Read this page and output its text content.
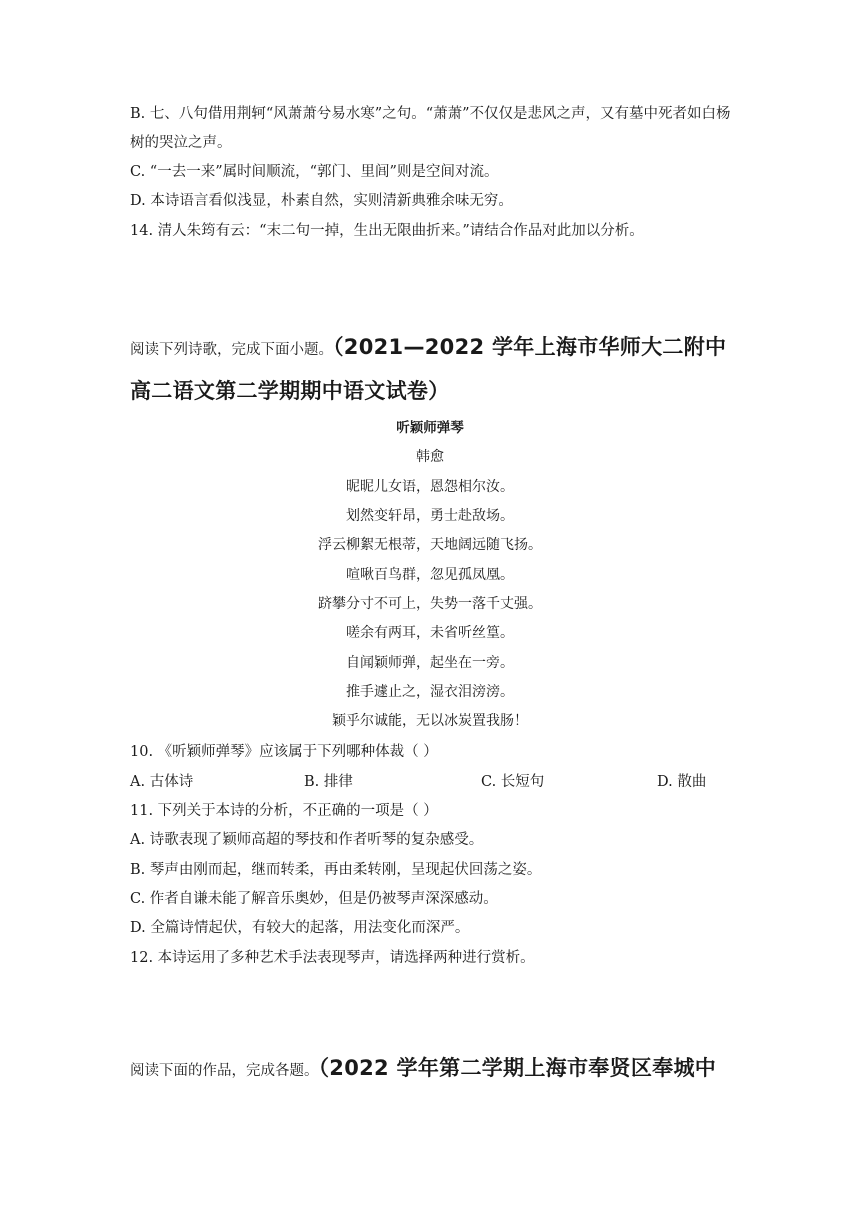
B. 七、八句借用荆轲“风萧萧兮易水寒”之句。“萧萧”不仅仅是悲风之声，又有墓中死者如白杨树的哭泣之声。
C. “一去一来”属时间顺流，“郭门、里闾”则是空间对流。
D. 本诗语言看似浅显，朴素自然，实则清新典雅余味无穷。
14. 清人朱筠有云：“末二句一掉，生出无限曲折来。”请结合作品对此加以分析。
阅读下列诗歌，完成下面小题。（2021—2022 学年上海市华师大二附中
高二语文第二学期期中语文试卷）
听颖师弹琴
韩愈
昵昵儿女语，恩怨相尔汝。
划然变轩昂，勇士赴敌场。
浮云柳絮无根蒂，天地阔远随飞扬。
喧啾百鸟群，忽见孤凤凰。
跻攀分寸不可上，失势一落千丈强。
嗟余有两耳，未省听丝篁。
自闻颖师弹，起坐在一旁。
推手遽止之，湿衣泪滂滂。
颖乎尔诚能，无以冰炭置我肠！
10. 《听颖师弹琴》应该属于下列哪种体裁（ ）
A. 古体诗	B. 排律	C. 长短句	D. 散曲
11. 下列关于本诗的分析，不正确的一项是（ ）
A. 诗歌表现了颖师高超的琴技和作者听琴的复杂感受。
B. 琴声由刚而起，继而转柔，再由柔转刚，呈现起伏回荡之姿。
C. 作者自谦未能了解音乐奥妙，但是仍被琴声深深感动。
D. 全篇诗情起伏，有较大的起落，用法变化而深严。
12. 本诗运用了多种艺术手法表现琴声，请选择两种进行赏析。
阅读下面的作品，完成各题。（2022 学年第二学期上海市奉贤区奉城中
